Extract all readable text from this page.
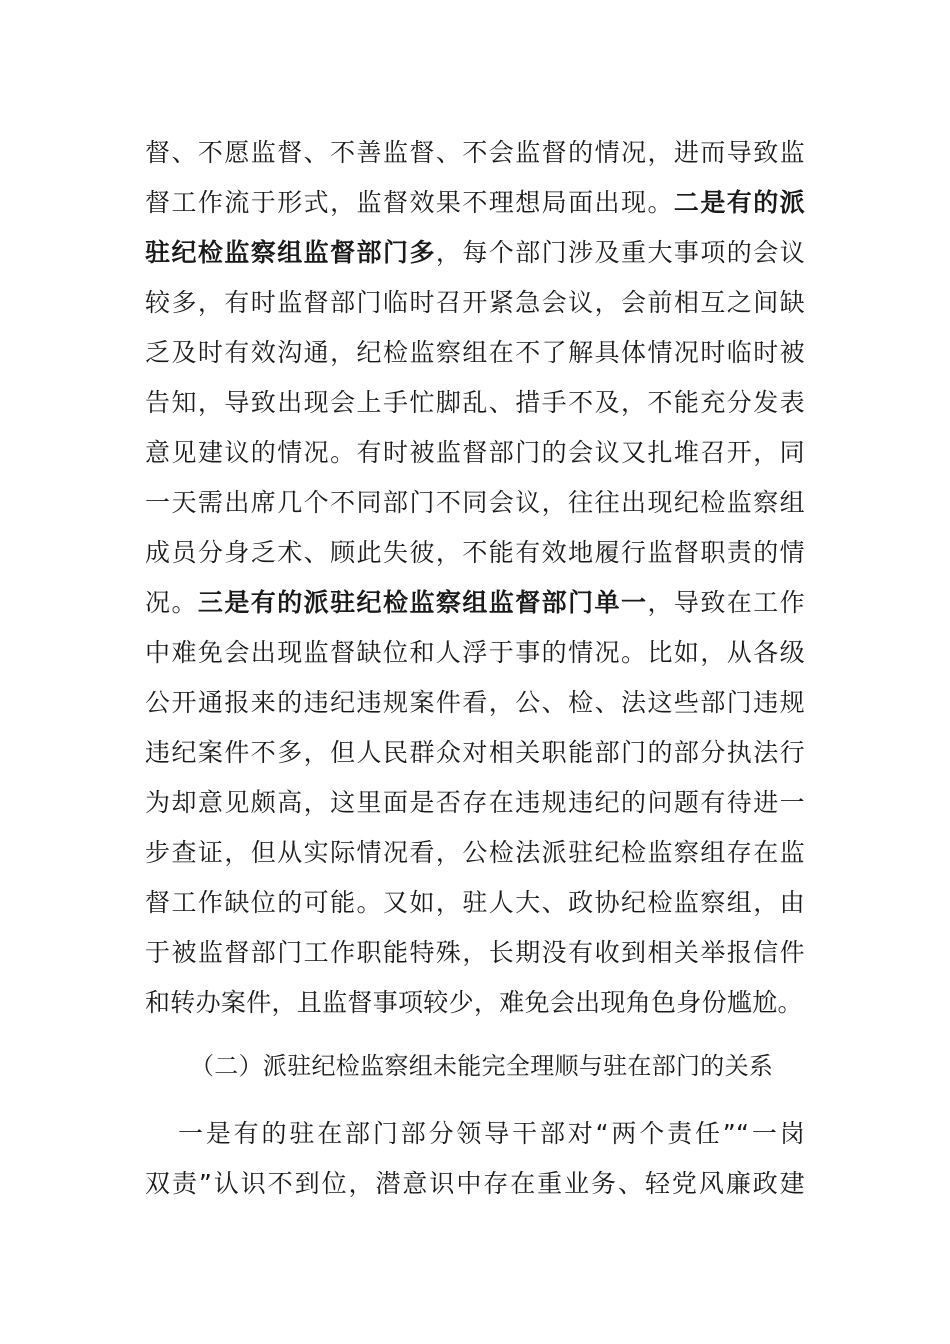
督、不愿监督、不善监督、不会监督的情况，进而导致监
督工作流于形式，监督效果不理想局面出现。二是有的派
驻纪检监察组监督部门多，每个部门涉及重大事项的会议
较多，有时监督部门临时召开紧急会议，会前相互之间缺
乏及时有效沟通，纪检监察组在不了解具体情况时临时被
告知，导致出现会上手忙脚乱、措手不及，不能充分发表
意见建议的情况。有时被监督部门的会议又扎堆召开，同
一天需出席几个不同部门不同会议，往往出现纪检监察组
成员分身乏术、顾此失彼，不能有效地履行监督职责的情
况。三是有的派驻纪检监察组监督部门单一，导致在工作
中难免会出现监督缺位和人浮于事的情况。比如，从各级
公开通报来的违纪违规案件看，公、检、法这些部门违规
违纪案件不多，但人民群众对相关职能部门的部分执法行
为却意见颇高，这里面是否存在违规违纪的问题有待进一
步查证，但从实际情况看，公检法派驻纪检监察组存在监
督工作缺位的可能。又如，驻人大、政协纪检监察组，由
于被监督部门工作职能特殊，长期没有收到相关举报信件
和转办案件，且监督事项较少，难免会出现角色身份尴尬。
（二）派驻纪检监察组未能完全理顺与驻在部门的关系
一是有的驻在部门部分领导干部对“两个责任”“一岗
双责”认识不到位，潜意识中存在重业务、轻党风廉政建
